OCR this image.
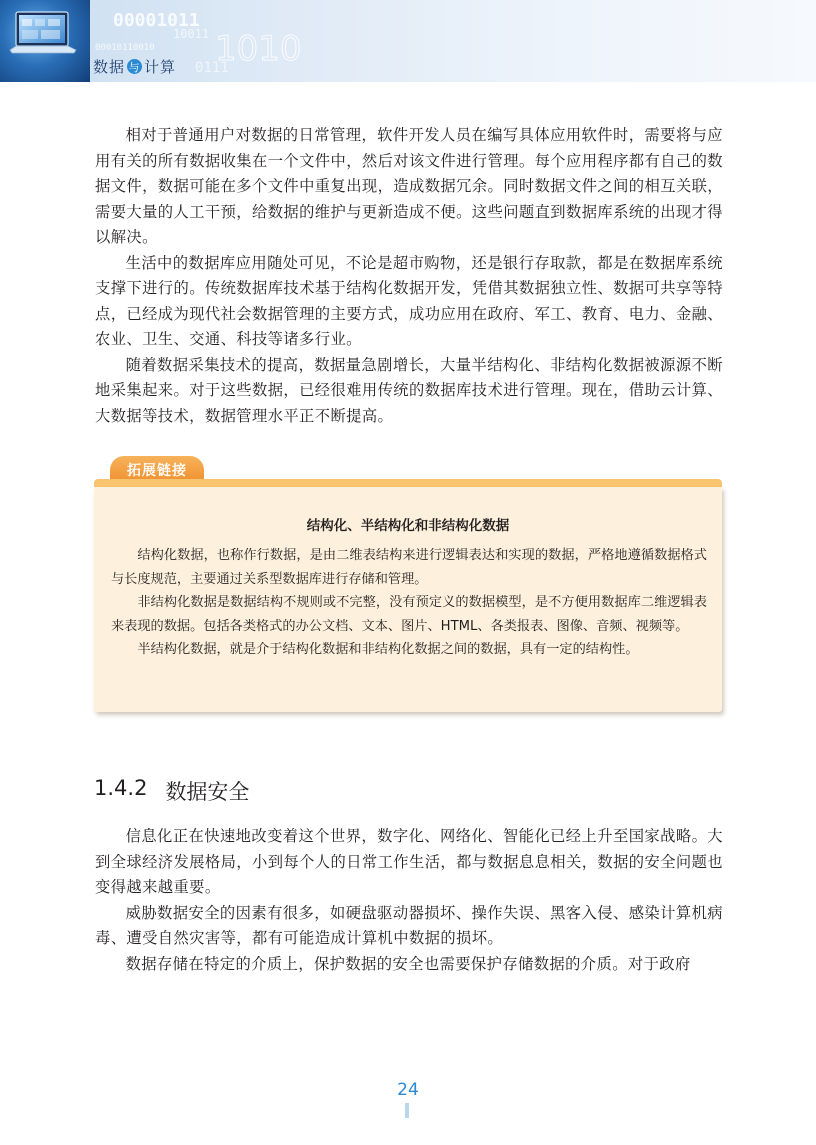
00001011
00010110010
10011 1010
0111
数据 与 计算

相对于普通用户对数据的日常管理，软件开发人员在编写具体应用软件时，需要将与应用有关的所有数据收集在一个文件中，然后对该文件进行管理。每个应用程序都有自己的数据文件，数据可能在多个文件中重复出现，造成数据冗余。同时数据文件之间的相互关联，需要大量的人工干预，给数据的维护与更新造成不便。这些问题直到数据库系统的出现才得以解决。

生活中的数据库应用随处可见，不论是超市购物，还是银行存取款，都是在数据库系统支撑下进行的。传统数据库技术基于结构化数据开发，凭借其数据独立性、数据可共享等特点，已经成为现代社会数据管理的主要方式，成功应用在政府、军工、教育、电力、金融、农业、卫生、交通、科技等诸多行业。

随着数据采集技术的提高，数据量急剧增长，大量半结构化、非结构化数据被源源不断地采集起来。对于这些数据，已经很难用传统的数据库技术进行管理。现在，借助云计算、大数据等技术，数据管理水平正不断提高。

拓展链接
结构化、半结构化和非结构化数据

结构化数据，也称作行数据，是由二维表结构来进行逻辑表达和实现的数据，严格地遵循数据格式与长度规范，主要通过关系型数据库进行存储和管理。

非结构化数据是数据结构不规则或不完整，没有预定义的数据模型，是不方便用数据库二维逻辑表来表现的数据。包括各类格式的办公文档、文本、图片、HTML、各类报表、图像、音频、视频等。

半结构化数据，就是介于结构化数据和非结构化数据之间的数据，具有一定的结构性。

1.4.2 数据安全

信息化正在快速地改变着这个世界，数字化、网络化、智能化已经上升至国家战略。大到全球经济发展格局，小到每个人的日常工作生活，都与数据息息相关，数据的安全问题也变得越来越重要。

威胁数据安全的因素有很多，如硬盘驱动器损坏、操作失误、黑客入侵、感染计算机病毒、遭受自然灾害等，都有可能造成计算机中数据的损坏。

数据存储在特定的介质上，保护数据的安全也需要保护存储数据的介质。对于政府

24
